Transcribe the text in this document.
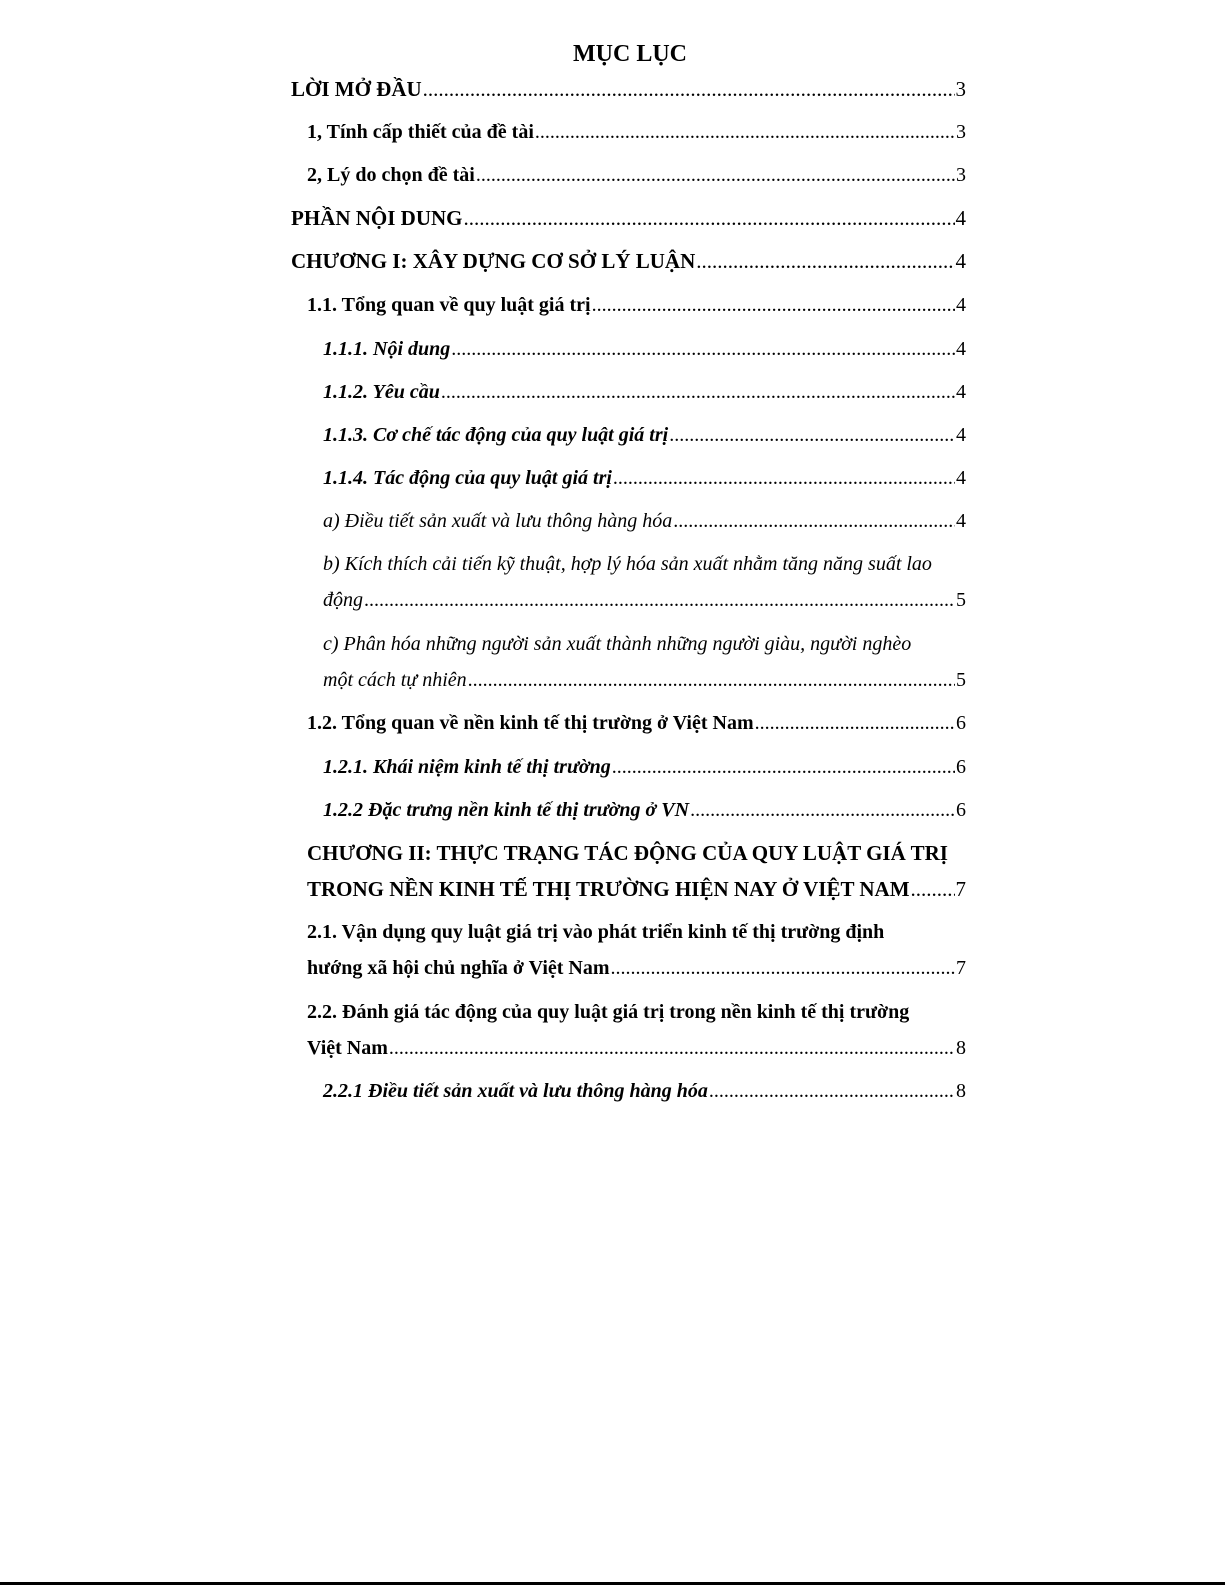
MỤC LỤC
LỜI MỞ ĐẦU .....	3
1, Tính cấp thiết của đề tài .....	3
2, Lý do chọn đề tài .....	3
PHẦN NỘI DUNG .....	4
CHƯƠNG I: XÂY DỰNG CƠ SỞ LÝ LUẬN .....	4
1.1. Tổng quan về quy luật giá trị .....	4
1.1.1. Nội dung .....	4
1.1.2. Yêu cầu .....	4
1.1.3. Cơ chế tác động của quy luật giá trị .....	4
1.1.4. Tác động của quy luật giá trị .....	4
a) Điều tiết sản xuất và lưu thông hàng hóa .....	4
b) Kích thích cải tiến kỹ thuật, hợp lý hóa sản xuất nhằm tăng năng suất lao
động .....	5
c) Phân hóa những người sản xuất thành những người giàu, người nghèo
một cách tự nhiên .....	5
1.2. Tổng quan về nền kinh tế thị trường ở Việt Nam .....	6
1.2.1. Khái niệm kinh tế thị trường .....	6
1.2.2 Đặc trưng nền kinh tế thị trường ở VN .....	6
CHƯƠNG II: THỰC TRẠNG TÁC ĐỘNG CỦA QUY LUẬT GIÁ TRỊ
TRONG NỀN KINH TẾ THỊ TRƯỜNG HIỆN NAY Ở VIỆT NAM ..... 7
2.1. Vận dụng quy luật giá trị vào phát triển kinh tế thị trường định
hướng xã hội chủ nghĩa ở Việt Nam .....	7
2.2. Đánh giá tác động của quy luật giá trị trong nền kinh tế thị trường
Việt Nam .....	8
2.2.1 Điều tiết sản xuất và lưu thông hàng hóa .....	8
